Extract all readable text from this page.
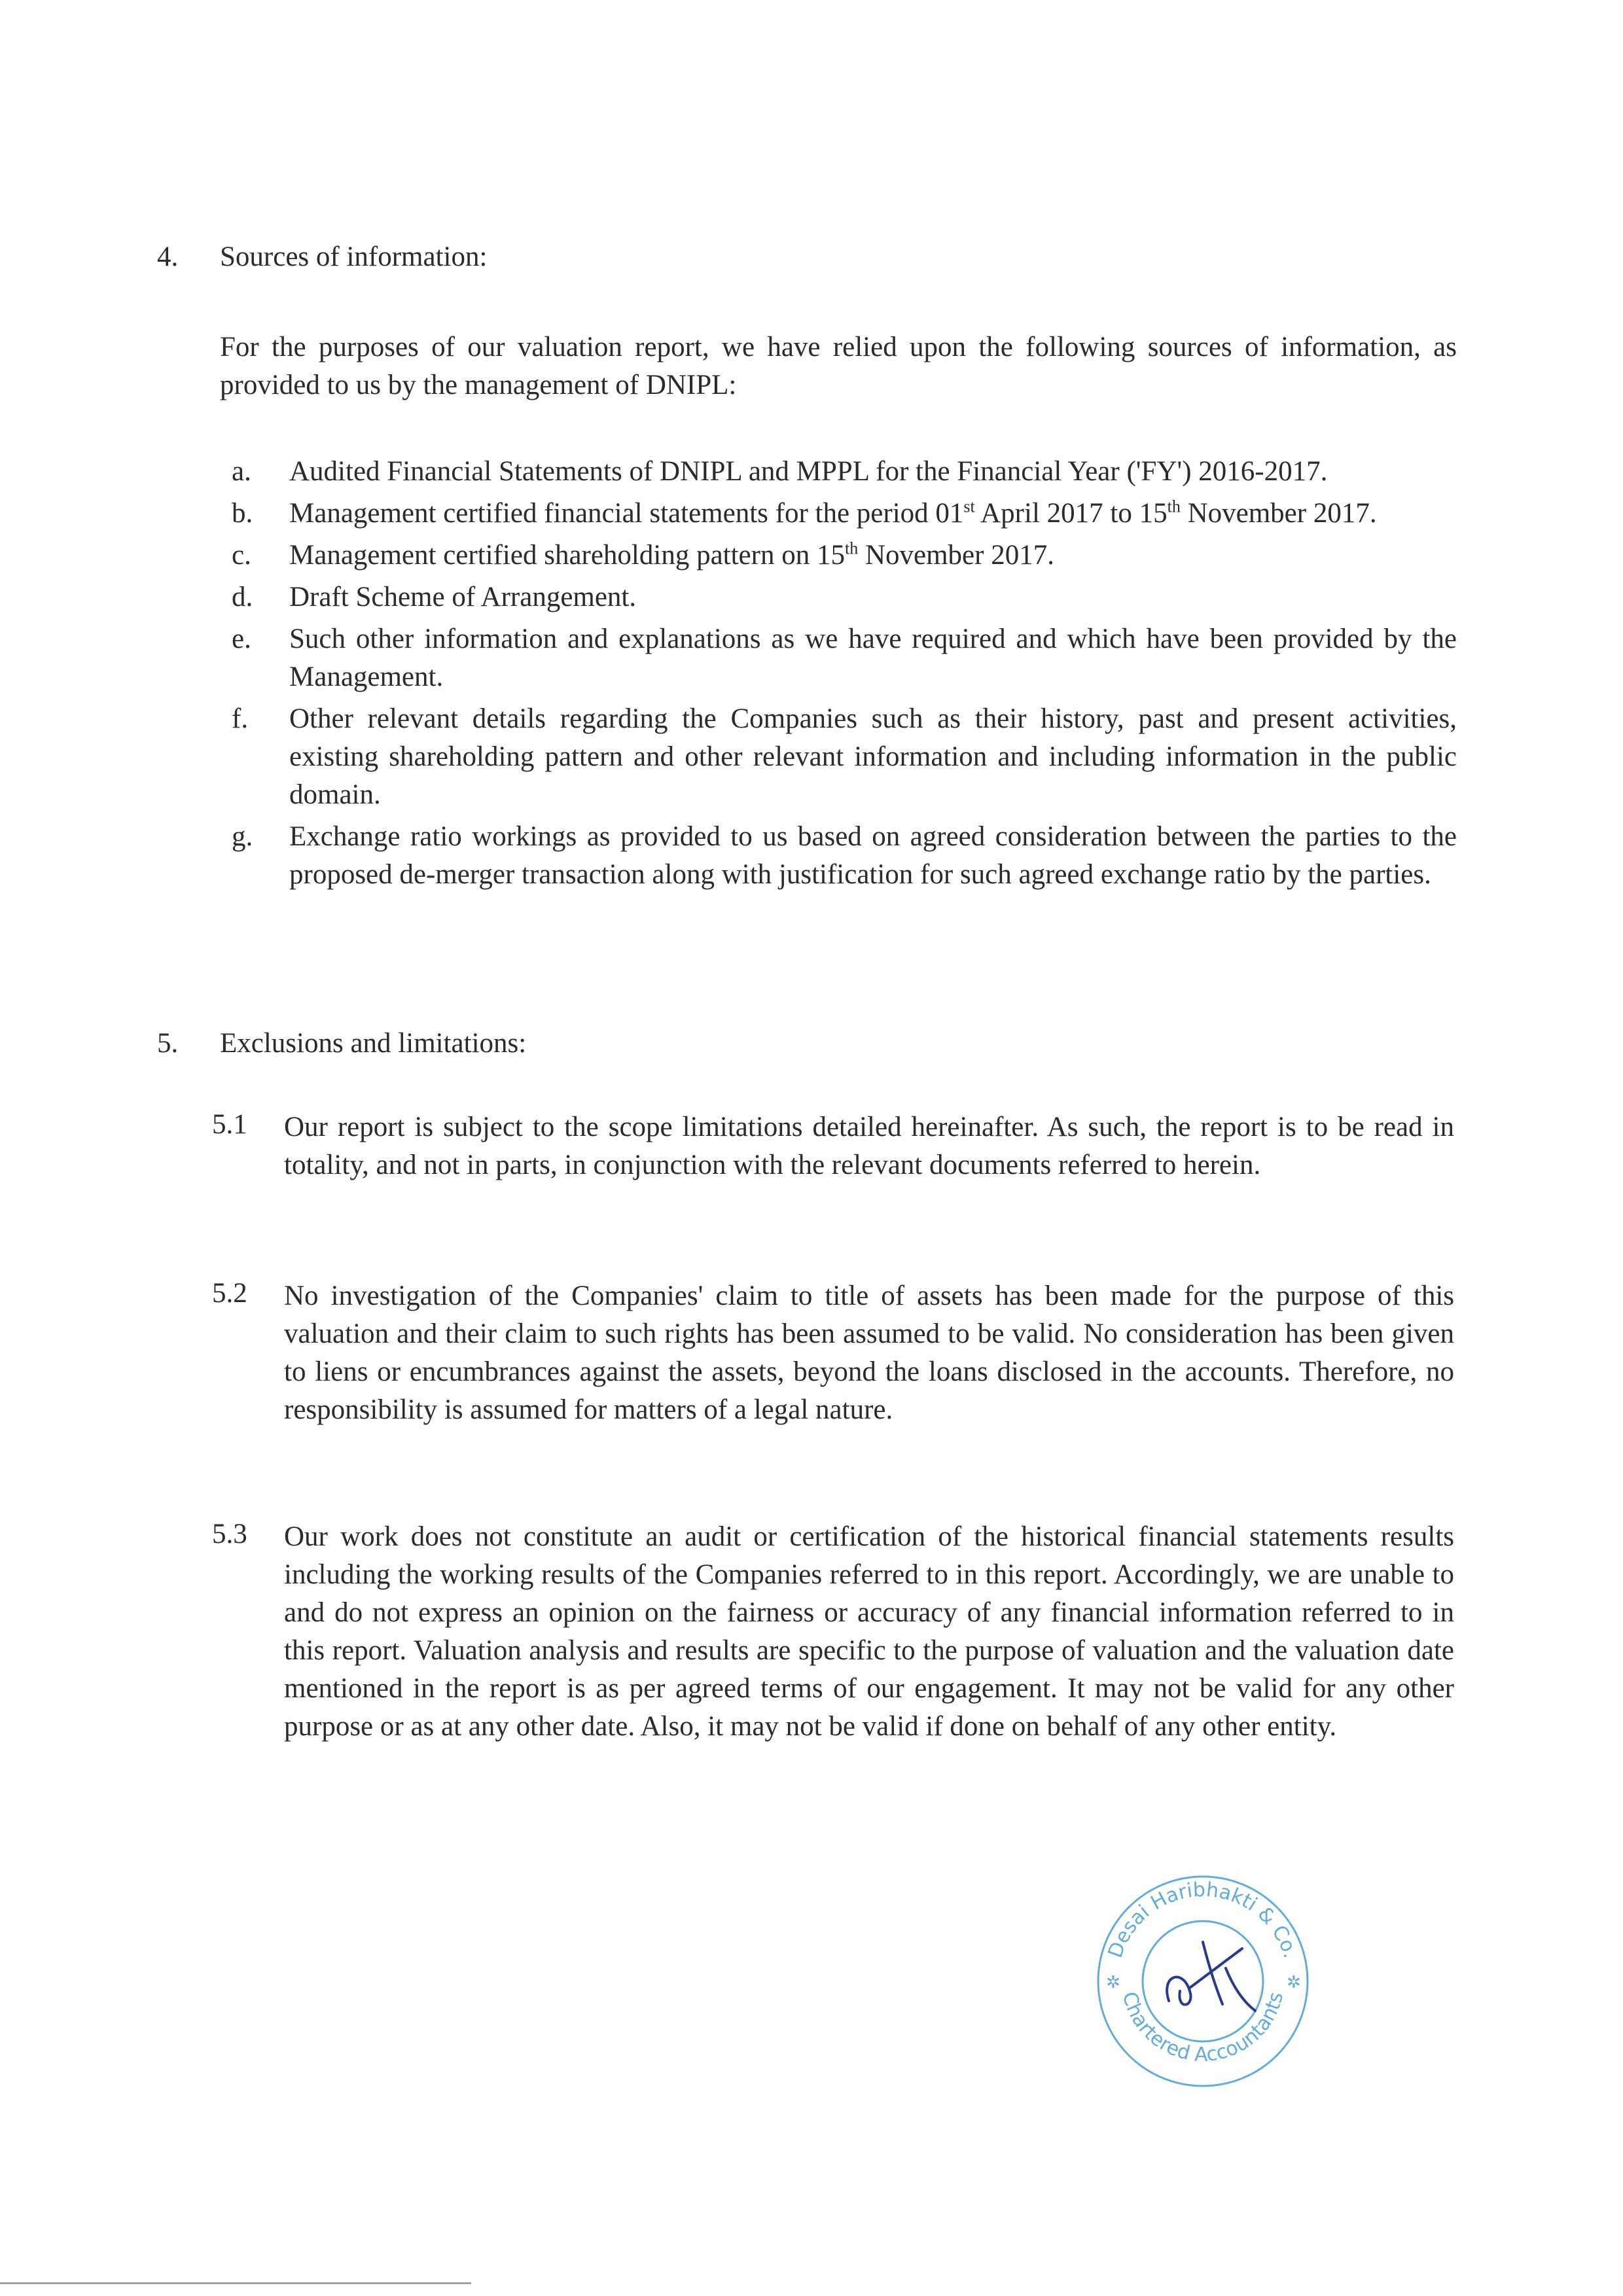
4. Sources of information:
For the purposes of our valuation report, we have relied upon the following sources of information, as provided to us by the management of DNIPL:
a. Audited Financial Statements of DNIPL and MPPL for the Financial Year ('FY') 2016-2017.
b. Management certified financial statements for the period 01st April 2017 to 15th November 2017.
c. Management certified shareholding pattern on 15th November 2017.
d. Draft Scheme of Arrangement.
e. Such other information and explanations as we have required and which have been provided by the Management.
f. Other relevant details regarding the Companies such as their history, past and present activities, existing shareholding pattern and other relevant information and including information in the public domain.
g. Exchange ratio workings as provided to us based on agreed consideration between the parties to the proposed de-merger transaction along with justification for such agreed exchange ratio by the parties.
5. Exclusions and limitations:
5.1 Our report is subject to the scope limitations detailed hereinafter. As such, the report is to be read in totality, and not in parts, in conjunction with the relevant documents referred to herein.
5.2 No investigation of the Companies' claim to title of assets has been made for the purpose of this valuation and their claim to such rights has been assumed to be valid. No consideration has been given to liens or encumbrances against the assets, beyond the loans disclosed in the accounts. Therefore, no responsibility is assumed for matters of a legal nature.
5.3 Our work does not constitute an audit or certification of the historical financial statements results including the working results of the Companies referred to in this report. Accordingly, we are unable to and do not express an opinion on the fairness or accuracy of any financial information referred to in this report. Valuation analysis and results are specific to the purpose of valuation and the valuation date mentioned in the report is as per agreed terms of our engagement. It may not be valid for any other purpose or as at any other date. Also, it may not be valid if done on behalf of any other entity.
Desai Haribhakti & Co.
Chartered Accountants
✲	✲
